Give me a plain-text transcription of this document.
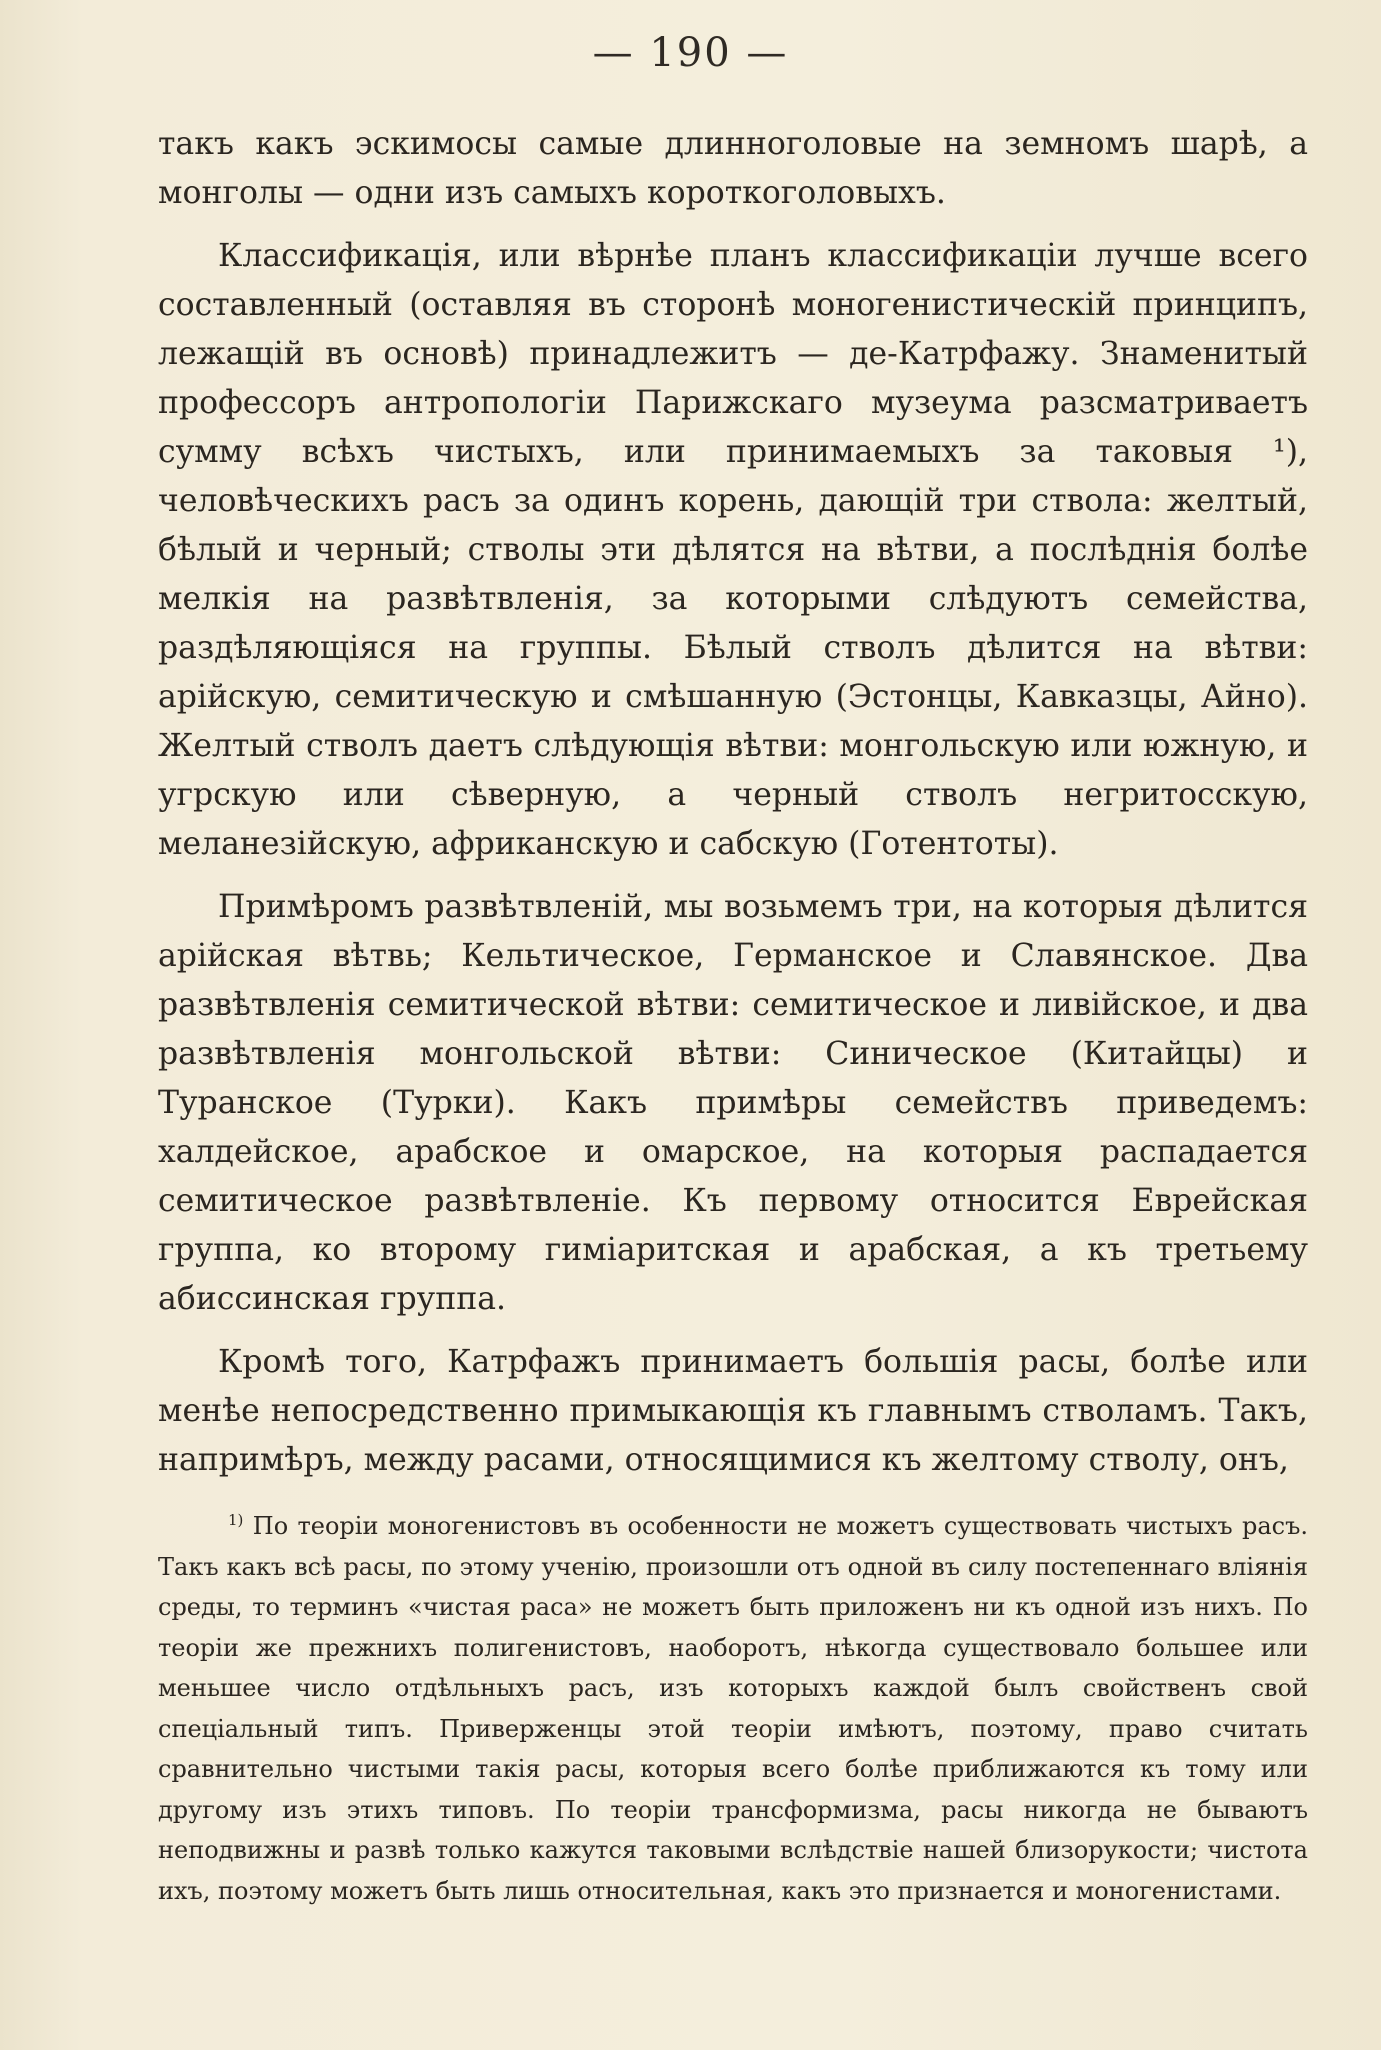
— 190 —

такъ какъ эскимосы самые длинноголовые на земномъ шарѣ, а монголы — одни изъ самыхъ короткоголовыхъ.

Классификація, или вѣрнѣе планъ классификаціи лучше всего составленный (оставляя въ сторонѣ моногенистическій принципъ, лежащій въ основѣ) принадлежитъ — де-Катрфажу. Знаменитый профессоръ антропологіи Парижскаго музеума разсматриваетъ сумму всѣхъ чистыхъ, или принимаемыхъ за таковыя ¹), человѣческихъ расъ за одинъ корень, дающій три ствола: желтый, бѣлый и черный; стволы эти дѣлятся на вѣтви, а послѣднія болѣе мелкія на развѣтвленія, за которыми слѣдуютъ семейства, раздѣляющіяся на группы. Бѣлый стволъ дѣлится на вѣтви: арійскую, семитическую и смѣшанную (Эстонцы, Кавказцы, Айно). Желтый стволъ даетъ слѣдующія вѣтви: монгольскую или южную, и угрскую или сѣверную, а черный стволъ негритосскую, меланезійскую, африканскую и сабскую (Готентоты).

Примѣромъ развѣтвленій, мы возьмемъ три, на которыя дѣлится арійская вѣтвь; Кельтическое, Германское и Славянское. Два развѣтвленія семитической вѣтви: семитическое и ливійское, и два развѣтвленія монгольской вѣтви: Синическое (Китайцы) и Туранское (Турки). Какъ примѣры семействъ приведемъ: халдейское, арабское и омарское, на которыя распадается семитическое развѣтвленіе. Къ первому относится Еврейская группа, ко второму гиміаритская и арабская, а къ третьему абиссинская группа.

Кромѣ того, Катрфажъ принимаетъ большія расы, болѣе или менѣе непосредственно примыкающія къ главнымъ стволамъ. Такъ, напримѣръ, между расами, относящимися къ желтому стволу, онъ,

$^{1)}$ По теоріи моногенистовъ въ особенности не можетъ существовать чистыхъ расъ. Такъ какъ всѣ расы, по этому ученію, произошли отъ одной въ силу постепеннаго вліянія среды, то терминъ «чистая раса» не можетъ быть приложенъ ни къ одной изъ нихъ. По теоріи же прежнихъ полигенистовъ, наоборотъ, нѣкогда существовало большее или меньшее число отдѣльныхъ расъ, изъ которыхъ каждой былъ свойственъ свой спеціальный типъ. Приверженцы этой теоріи имѣютъ, поэтому, право считать сравнительно чистыми такія расы, которыя всего болѣе приближаются къ тому или другому изъ этихъ типовъ. По теоріи трансформизма, расы никогда не бываютъ неподвижны и развѣ только кажутся таковыми вслѣдствіе нашей близорукости; чистота ихъ, поэтому можетъ быть лишь относительная, какъ это признается и моногенистами.
